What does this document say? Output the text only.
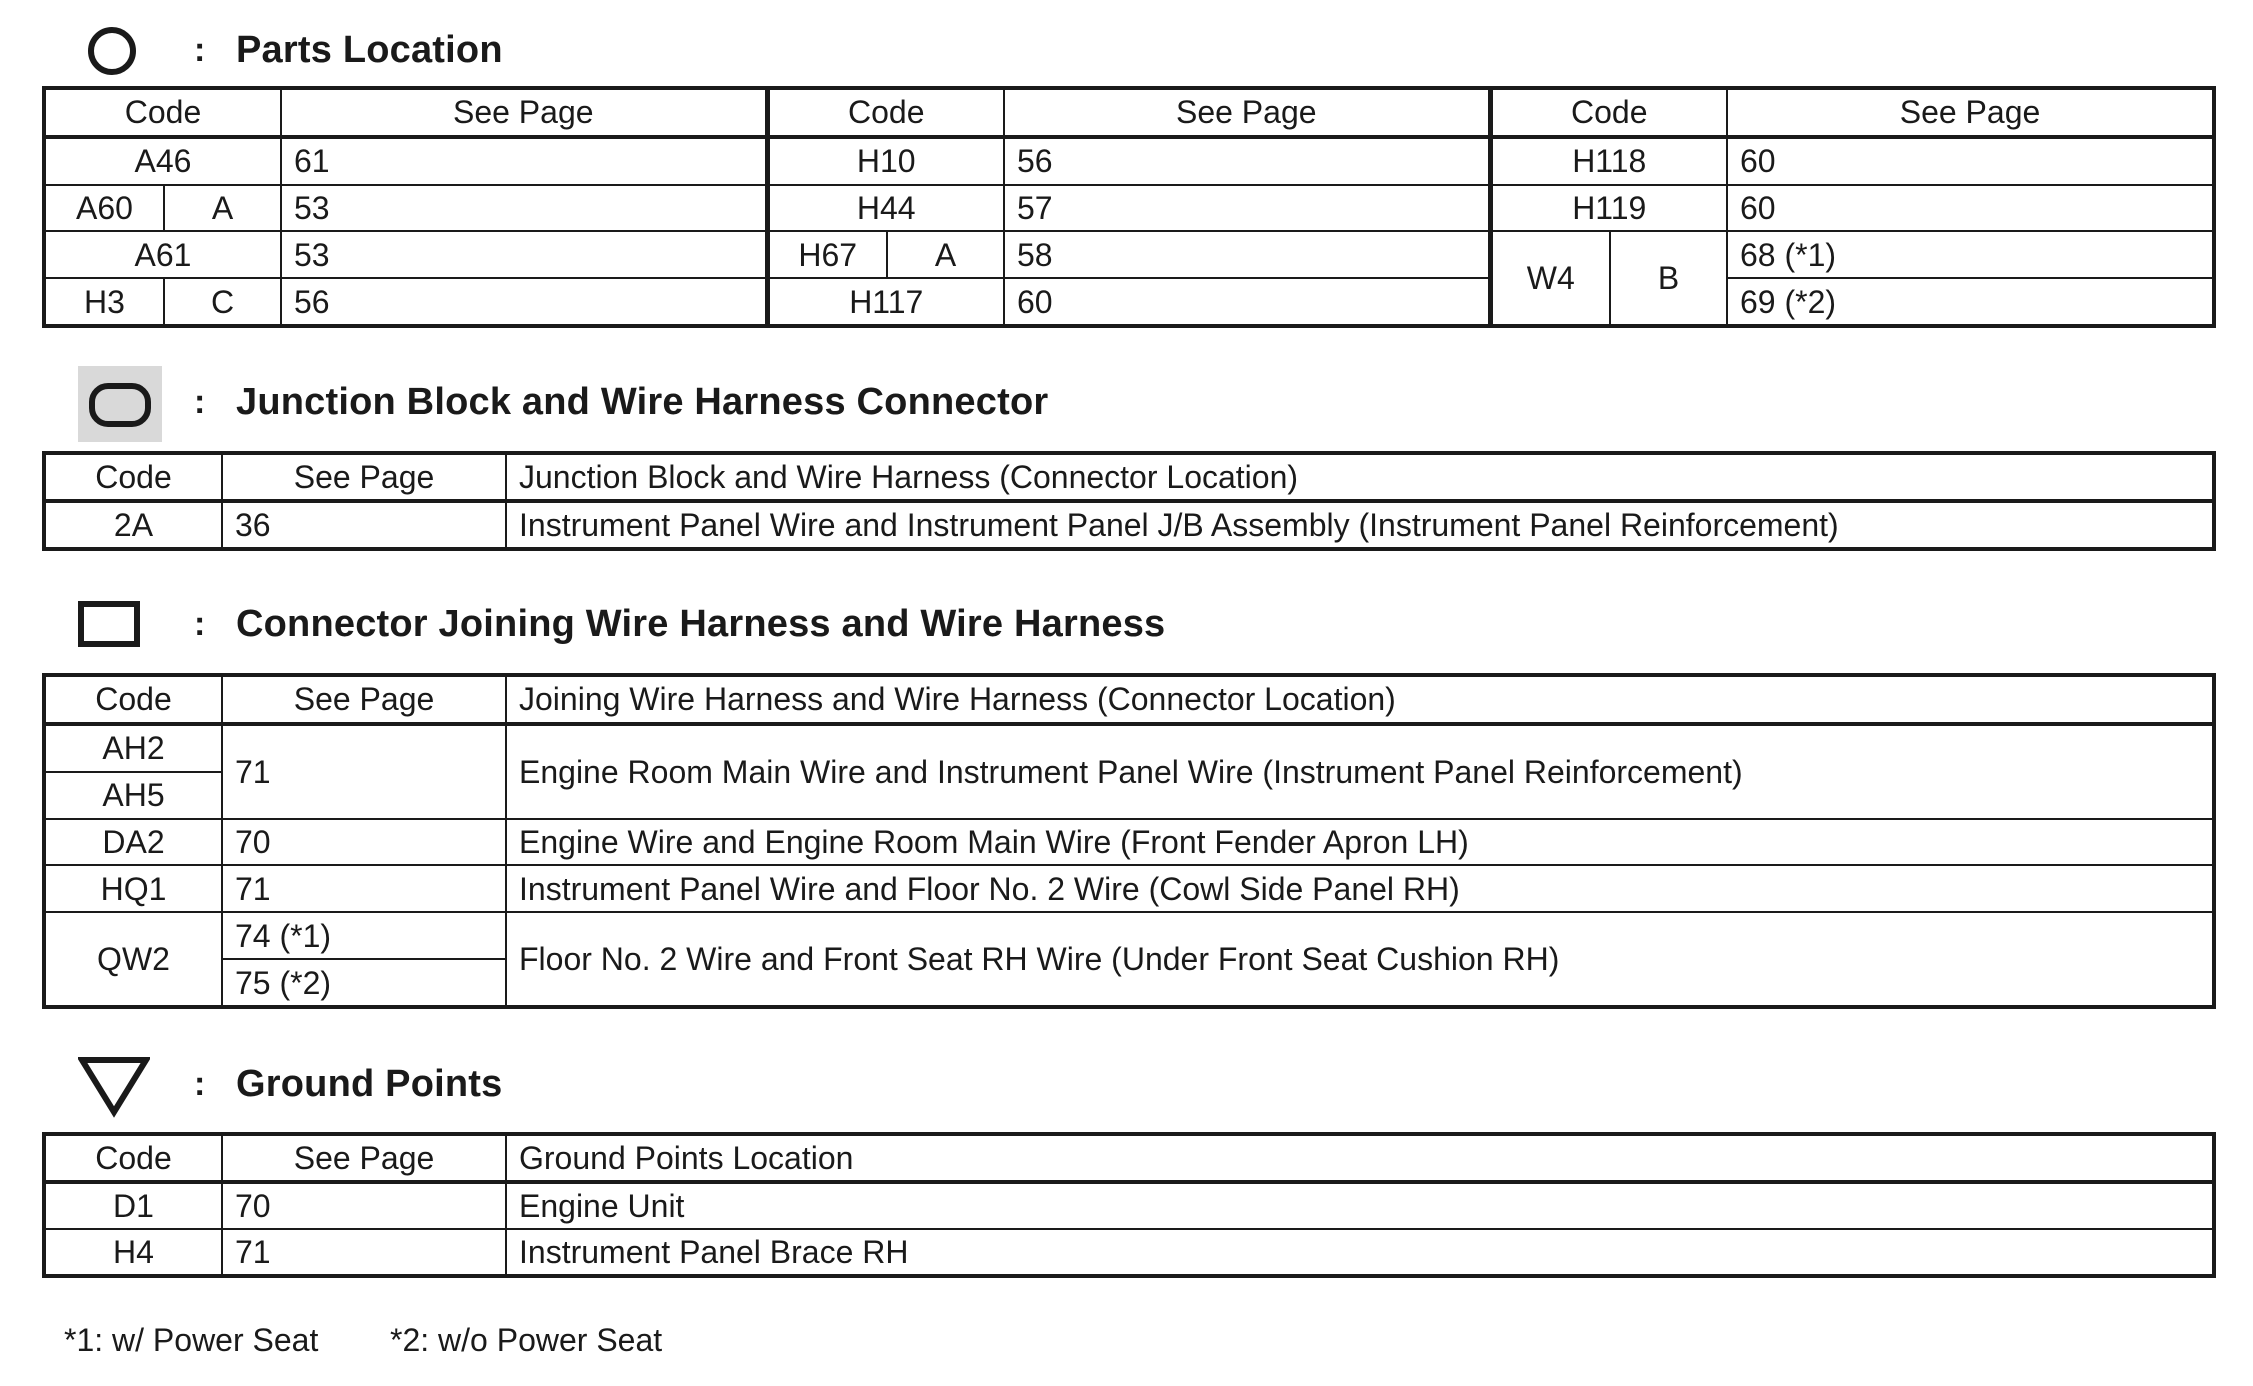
: Parts Location
Code		See Page	Code		See Page	Code		See Page
A46		61	H10		56	H118		60
A60	A	53	H44		57	H119		60
A61		53	H67	A	58	W4	B	68 (*1)
H3	C	56	H117		60			69 (*2)
: Junction Block and Wire Harness Connector
Code	See Page	Junction Block and Wire Harness (Connector Location)
2A	36	Instrument Panel Wire and Instrument Panel J/B Assembly (Instrument Panel Reinforcement)
: Connector Joining Wire Harness and Wire Harness
Code	See Page	Joining Wire Harness and Wire Harness (Connector Location)
AH2	71	Engine Room Main Wire and Instrument Panel Wire (Instrument Panel Reinforcement)
AH5		
DA2	70	Engine Wire and Engine Room Main Wire (Front Fender Apron LH)
HQ1	71	Instrument Panel Wire and Floor No. 2 Wire (Cowl Side Panel RH)
QW2	74 (*1)	Floor No. 2 Wire and Front Seat RH Wire (Under Front Seat Cushion RH)
	75 (*2)	
: Ground Points
Code	See Page	Ground Points Location
D1	70	Engine Unit
H4	71	Instrument Panel Brace RH
*1: w/ Power Seat *2: w/o Power Seat
